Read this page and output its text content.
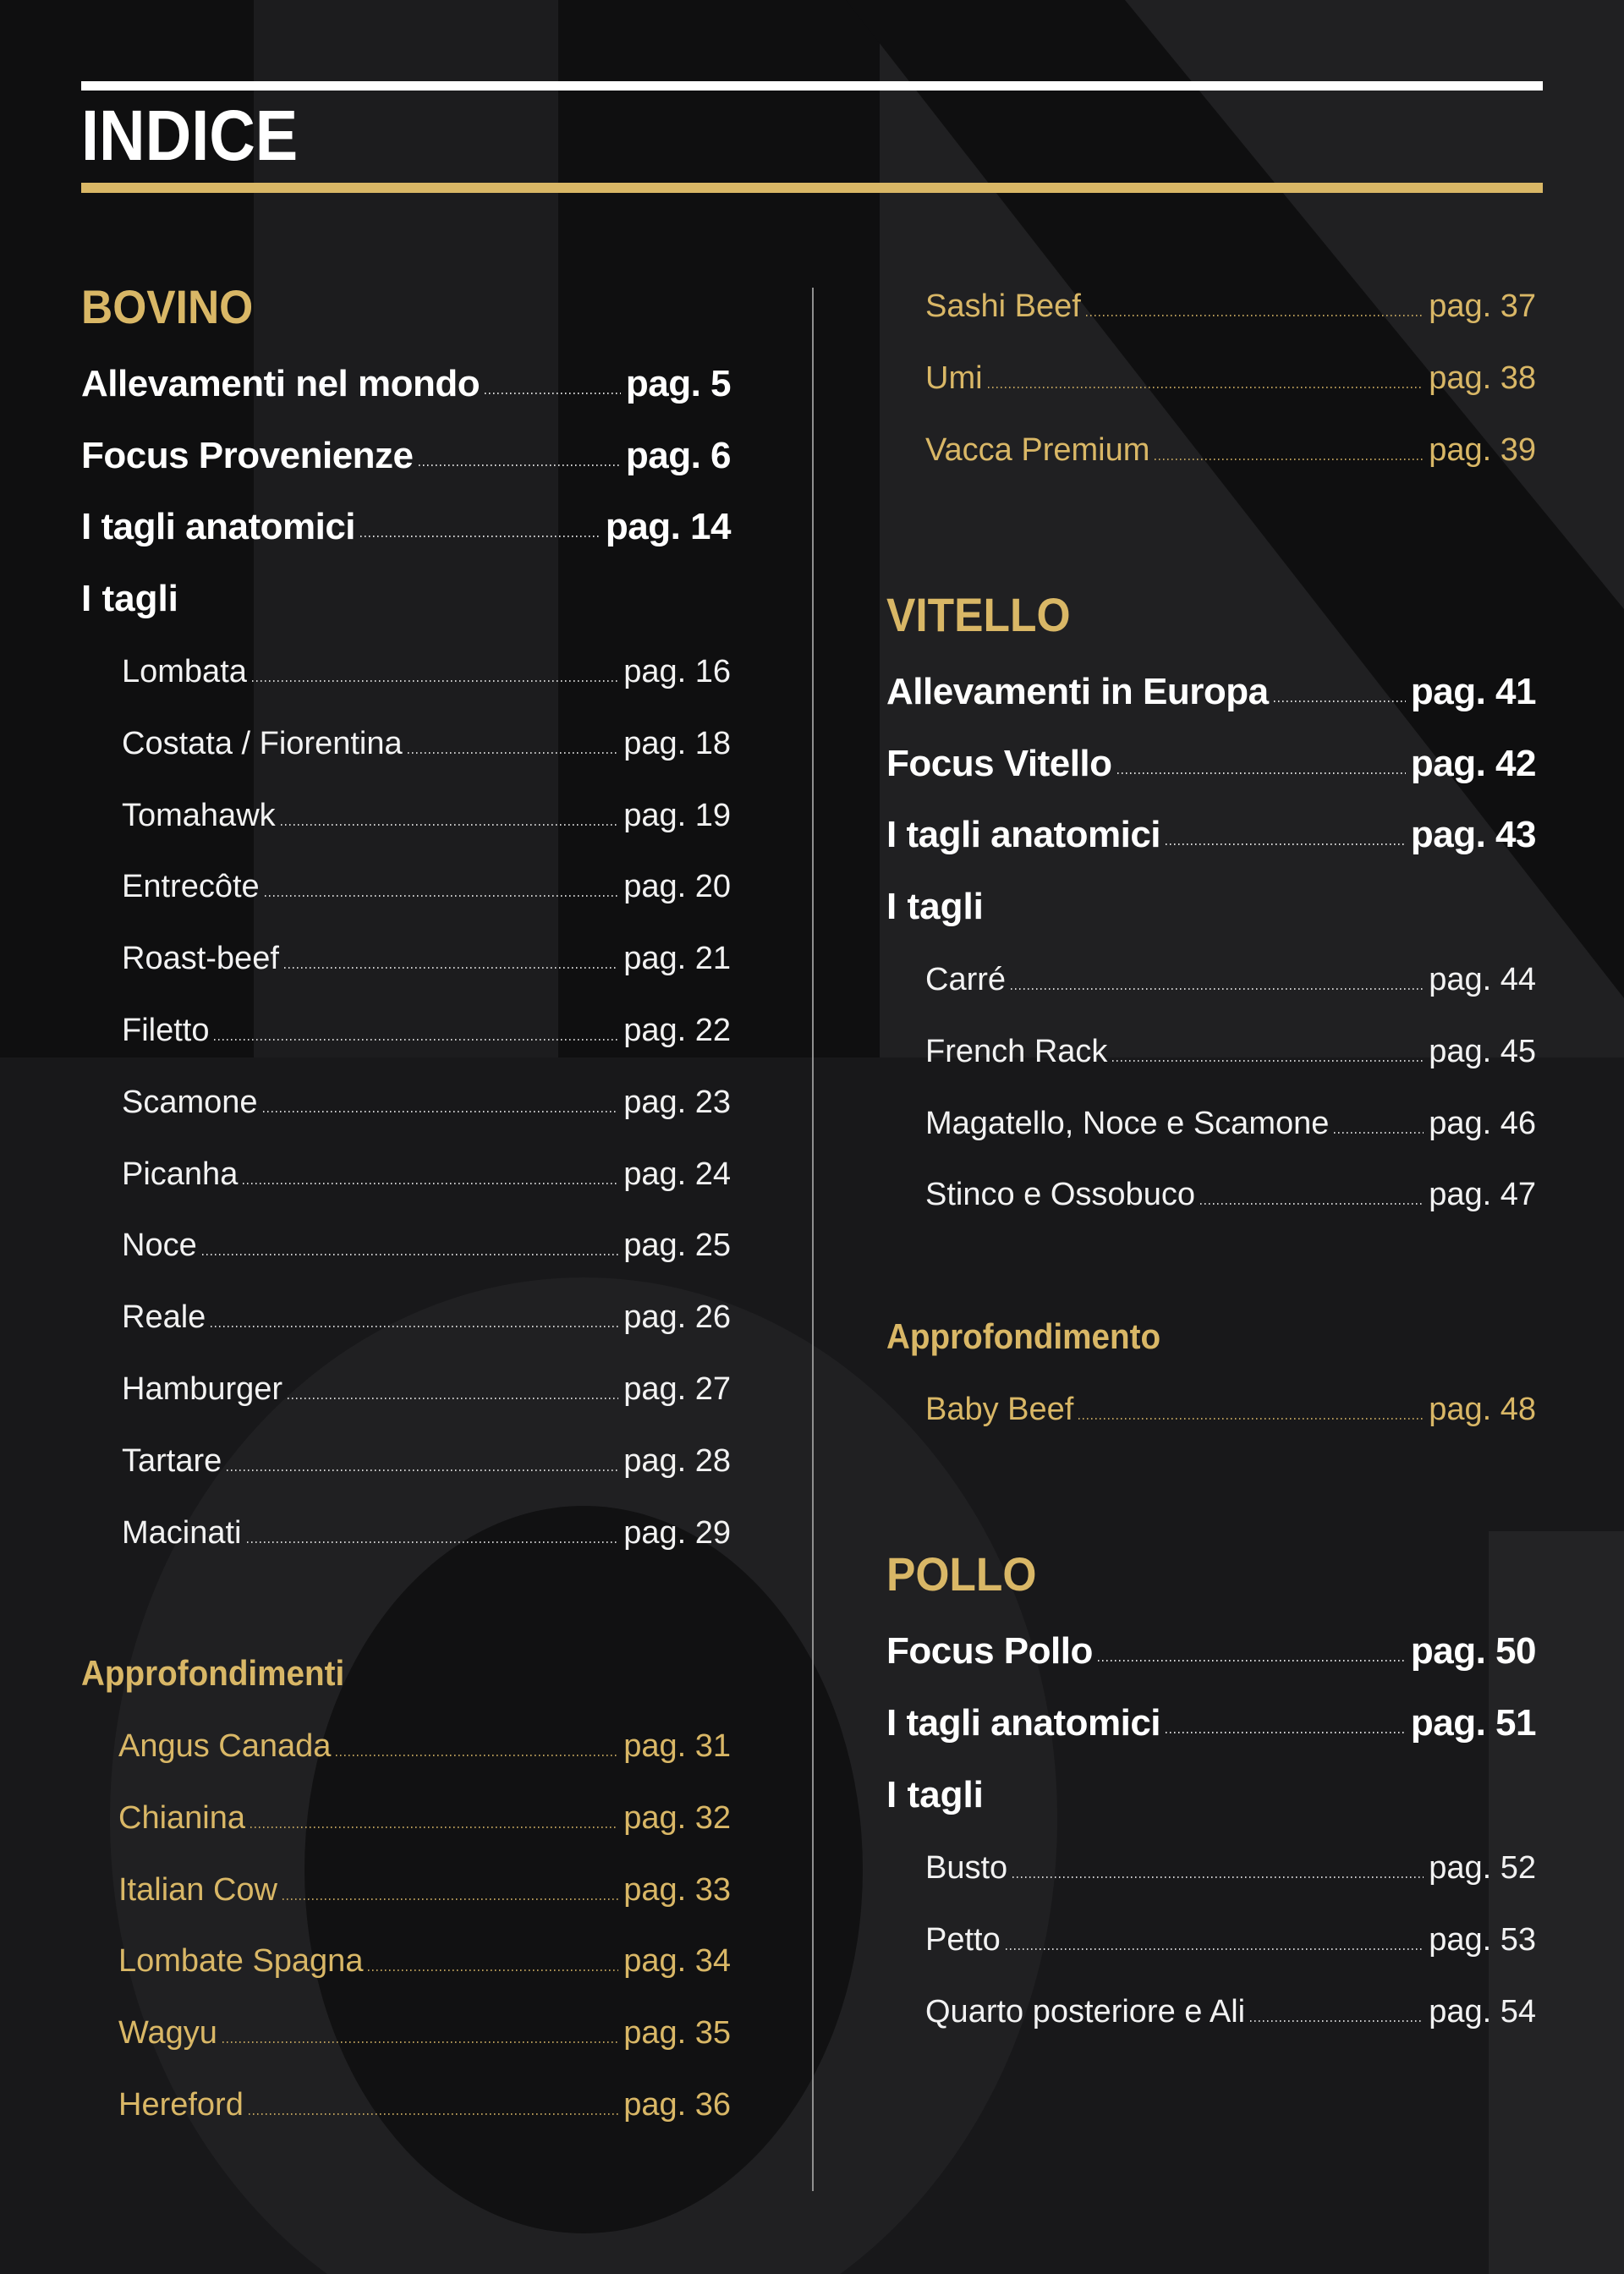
INDICE
BOVINO
Allevamenti nel mondo	pag. 5
Focus Provenienze	pag. 6
I tagli anatomici	pag. 14
I tagli
Lombata	pag. 16
Costata / Fiorentina	pag. 18
Tomahawk	pag. 19
Entrecôte	pag. 20
Roast-beef	pag. 21
Filetto	pag. 22
Scamone	pag. 23
Picanha	pag. 24
Noce	pag. 25
Reale	pag. 26
Hamburger	pag. 27
Tartare	pag. 28
Macinati	pag. 29
Approfondimenti
Angus Canada	pag. 31
Chianina	pag. 32
Italian Cow	pag. 33
Lombate Spagna	pag. 34
Wagyu	pag. 35
Hereford	pag. 36
Sashi Beef	pag. 37
Umi	pag. 38
Vacca Premium	pag. 39
VITELLO
Allevamenti in Europa	pag. 41
Focus Vitello	pag. 42
I tagli anatomici	pag. 43
I tagli
Carré	pag. 44
French Rack	pag. 45
Magatello, Noce e Scamone	pag. 46
Stinco e Ossobuco	pag. 47
Approfondimento
Baby Beef	pag. 48
POLLO
Focus Pollo	pag. 50
I tagli anatomici	pag. 51
I tagli
Busto	pag. 52
Petto	pag. 53
Quarto posteriore e Ali	pag. 54
